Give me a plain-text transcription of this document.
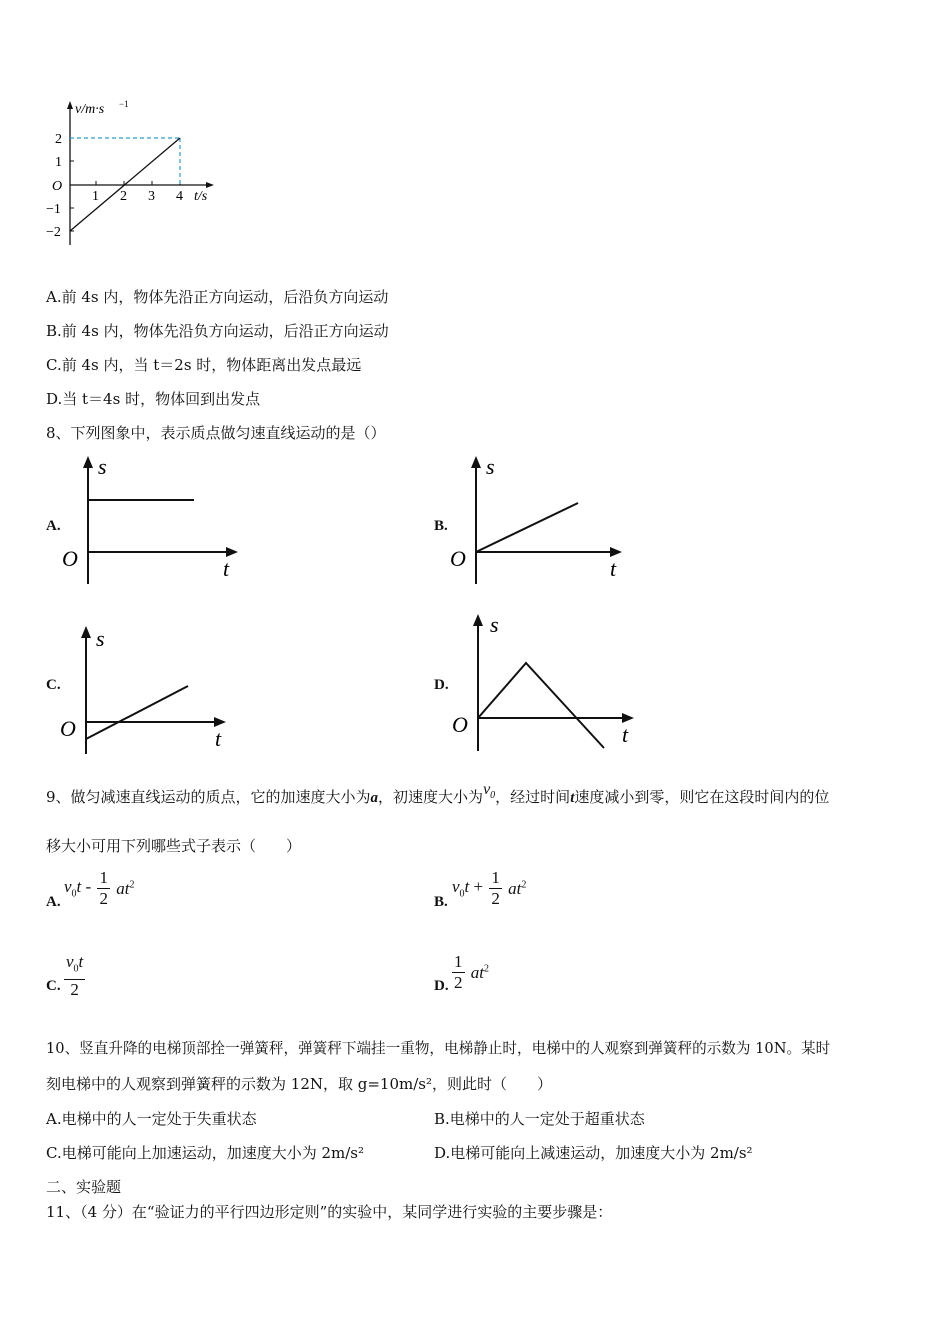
v/m·s −1
t/s
O
2
1
−1
−2
1 2 3 4
A.前 4s 内，物体先沿正方向运动，后沿负方向运动
B.前 4s 内，物体先沿负方向运动，后沿正方向运动
C.前 4s 内，当 t＝2s 时，物体距离出发点最远
D.当 t＝4s 时，物体回到出发点
8、下列图象中，表示质点做匀速直线运动的是（）
A.
s
t
O
B.
s
t
O
C.
s
t
O
D.
s
t
O
9、做匀减速直线运动的质点，它的加速度大小为a，初速度大小为$v_0$，经过时间t速度减小到零，则它在这段时间内的位
移大小可用下列哪些式子表示（　　）
A.
$v_0t - \frac{1}{2} at^2$
B.
$v_0t + \frac{1}{2} at^2$
C. $\frac{v_0t}{2}$	D. $\frac{1}{2} at^2$
10、竖直升降的电梯顶部拴一弹簧秤，弹簧秤下端挂一重物，电梯静止时，电梯中的人观察到弹簧秤的示数为 10N。某时
刻电梯中的人观察到弹簧秤的示数为 12N，取 g=10m/s²，则此时（　　）
A.电梯中的人一定处于失重状态	B.电梯中的人一定处于超重状态
C.电梯可能向上加速运动，加速度大小为 2m/s²	D.电梯可能向上减速运动，加速度大小为 2m/s²
二、实验题
11、（4 分）在“验证力的平行四边形定则”的实验中，某同学进行实验的主要步骤是：
